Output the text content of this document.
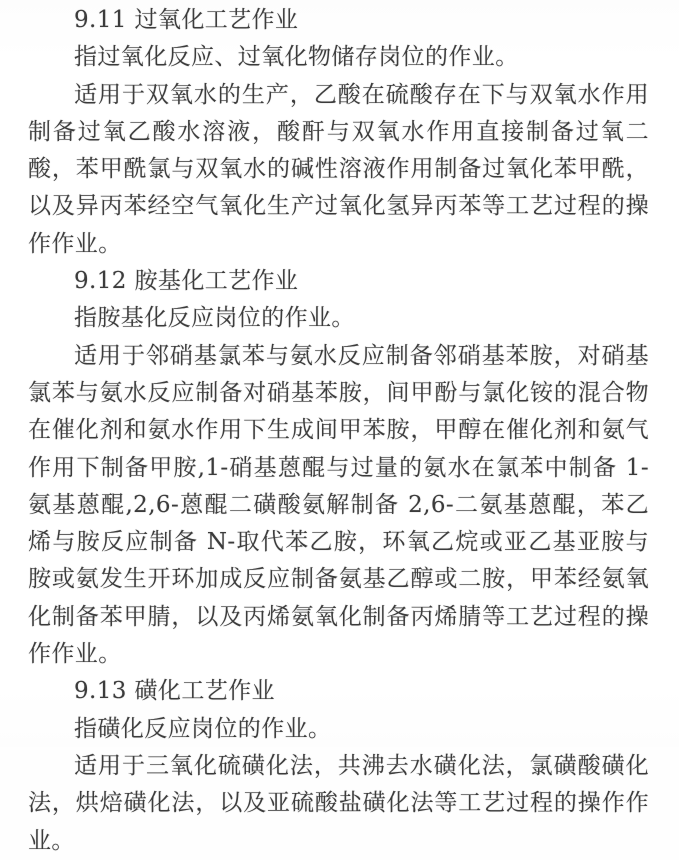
9.11 过氧化工艺作业

指过氧化反应、过氧化物储存岗位的作业。

适用于双氧水的生产，乙酸在硫酸存在下与双氧水作用制备过氧乙酸水溶液，酸酐与双氧水作用直接制备过氧二酸，苯甲酰氯与双氧水的碱性溶液作用制备过氧化苯甲酰，以及异丙苯经空气氧化生产过氧化氢异丙苯等工艺过程的操作作业。

9.12 胺基化工艺作业

指胺基化反应岗位的作业。

适用于邻硝基氯苯与氨水反应制备邻硝基苯胺，对硝基氯苯与氨水反应制备对硝基苯胺，间甲酚与氯化铵的混合物在催化剂和氨水作用下生成间甲苯胺，甲醇在催化剂和氨气作用下制备甲胺,1-硝基蒽醌与过量的氨水在氯苯中制备 1-氨基蒽醌,2,6-蒽醌二磺酸氨解制备 2,6-二氨基蒽醌，苯乙烯与胺反应制备 N-取代苯乙胺，环氧乙烷或亚乙基亚胺与胺或氨发生开环加成反应制备氨基乙醇或二胺，甲苯经氨氧化制备苯甲腈，以及丙烯氨氧化制备丙烯腈等工艺过程的操作作业。

9.13 磺化工艺作业

指磺化反应岗位的作业。

适用于三氧化硫磺化法，共沸去水磺化法，氯磺酸磺化法，烘焙磺化法，以及亚硫酸盐磺化法等工艺过程的操作作业。
